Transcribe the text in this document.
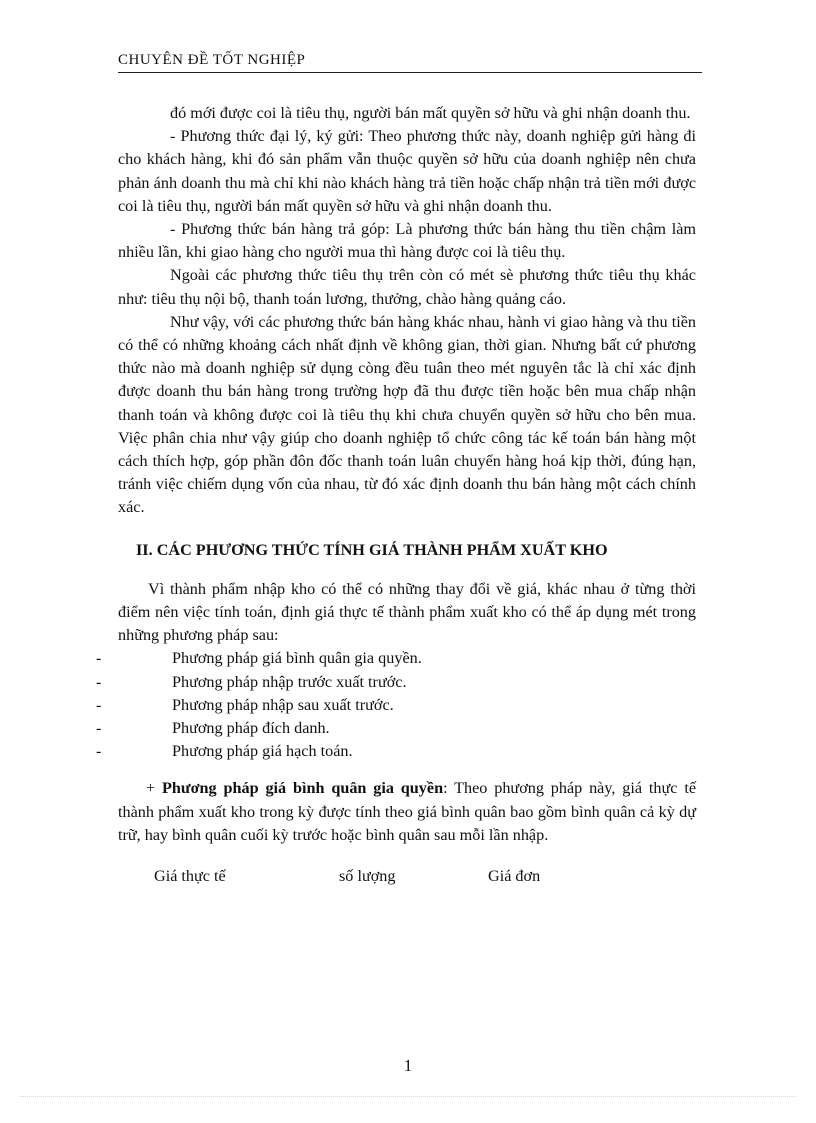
CHUYÊN ĐỀ TỐT NGHIỆP

đó mới được coi là tiêu thụ, người bán mất quyền sở hữu và ghi nhận doanh thu.

- Phương thức đại lý, ký gửi: Theo phương thức này, doanh nghiệp gửi hàng đi cho khách hàng, khi đó sản phẩm vẫn thuộc quyền sở hữu của doanh nghiệp nên chưa phản ánh doanh thu mà chỉ khi nào khách hàng trả tiền hoặc chấp nhận trả tiền mới được coi là tiêu thụ, người bán mất quyền sở hữu và ghi nhận doanh thu.

- Phương thức bán hàng trả góp: Là phương thức bán hàng thu tiền chậm làm nhiều lần, khi giao hàng cho người mua thì hàng được coi là tiêu thụ.

Ngoài các phương thức tiêu thụ trên còn có mét sè phương thức tiêu thụ khác như: tiêu thụ nội bộ, thanh toán lương, thưởng, chào hàng quảng cáo.

Như vậy, với các phương thức bán hàng khác nhau, hành vi giao hàng và thu tiền có thể có những khoảng cách nhất định về không gian, thời gian. Nhưng bất cứ phương thức nào mà doanh nghiệp sử dụng còng đều tuân theo mét nguyên tắc là chỉ xác định được doanh thu bán hàng trong trường hợp đã thu được tiền hoặc bên mua chấp nhận thanh toán và không được coi là tiêu thụ khi chưa chuyển quyền sở hữu cho bên mua. Việc phân chia như vậy giúp cho doanh nghiệp tổ chức công tác kế toán bán hàng một cách thích hợp, góp phần đôn đốc thanh toán luân chuyển hàng hoá kịp thời, đúng hạn, tránh việc chiếm dụng vốn của nhau, từ đó xác định doanh thu bán hàng một cách chính xác.

II. CÁC PHƯƠNG THỨC TÍNH GIÁ THÀNH PHẨM XUẤT KHO

Vì thành phẩm nhập kho có thể có những thay đổi về giá, khác nhau ở từng thời điểm nên việc tính toán, định giá thực tế thành phẩm xuất kho có thể áp dụng mét trong những phương pháp sau:

-	Phương pháp giá bình quân gia quyền.
-	Phương pháp nhập trước xuất trước.
-	Phương pháp nhập sau xuất trước.
-	Phương pháp đích danh.
-	Phương pháp giá hạch toán.

+ Phương pháp giá bình quân gia quyền: Theo phương pháp này, giá thực tế thành phẩm xuất kho trong kỳ được tính theo giá bình quân bao gồm bình quân cả kỳ dự trữ, hay bình quân cuối kỳ trước hoặc bình quân sau mỗi lần nhập.

Giá thực tế	số lượng	Giá đơn
1
